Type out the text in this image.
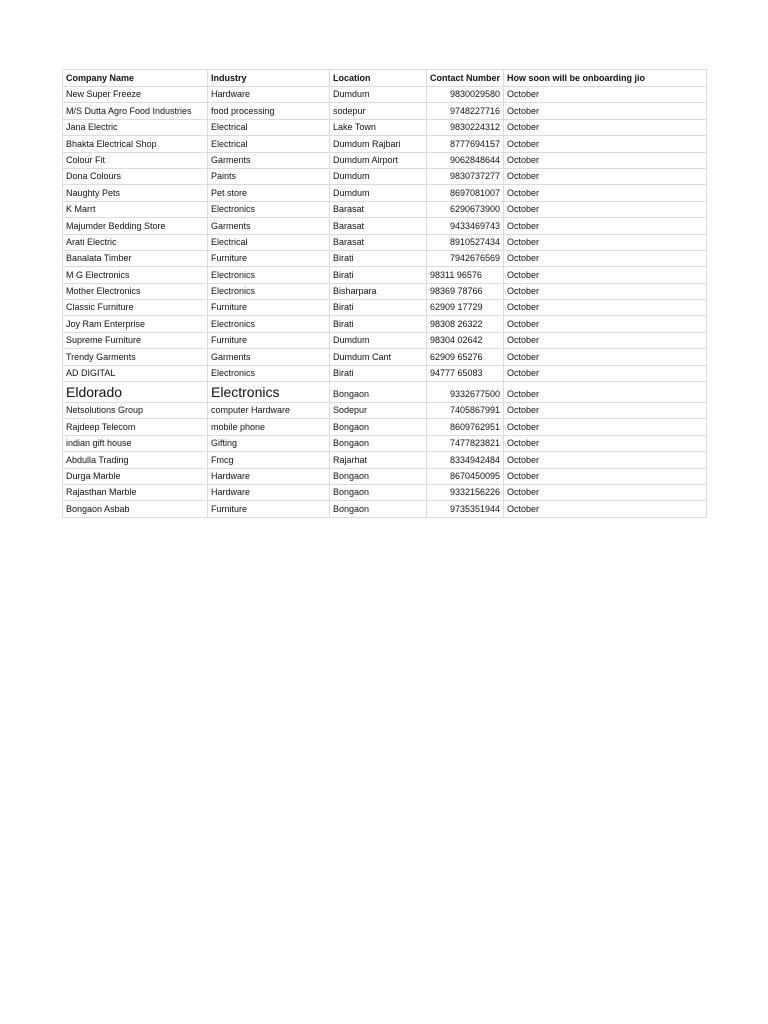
Company Name	Industry	Location	Contact Number	How soon will be onboarding jio
New Super Freeze	Hardware	Dumdum	9830029580	October
M/S Dutta Agro Food Industries	food processing	sodepur	9748227716	October
Jana Electric	Electrical	Lake Town	9830224312	October
Bhakta Electrical Shop	Electrical	Dumdum Rajbari	8777694157	October
Colour Fit	Garments	Dumdum Airport	9062848644	October
Dona Colours	Paints	Dumdum	9830737277	October
Naughty Pets	Pet store	Dumdum	8697081007	October
K Marrt	Electronics	Barasat	6290673900	October
Majumder Bedding Store	Garments	Barasat	9433469743	October
Arati Electric	Electrical	Barasat	8910527434	October
Banalata Timber	Furniture	Birati	7942676569	October
M G Electronics	Electronics	Birati	98311 96576	October
Mother Electronics	Electronics	Bisharpara	98369 78766	October
Classic Furniture	Furniture	Birati	62909 17729	October
Joy Ram Enterprise	Electronics	Birati	98308 26322	October
Supreme Furniture	Furniture	Dumdum	98304 02642	October
Trendy Garments	Garments	Dumdum Cant	62909 65276	October
AD DIGITAL	Electronics	Birati	94777 65083	October
Eldorado	Electronics	Bongaon	9332677500	October
Netsolutions Group	computer Hardware	Sodepur	7405867991	October
Rajdeep Telecom	mobile phone	Bongaon	8609762951	October
indian gift house	Gifting	Bongaon	7477823821	October
Abdulla Trading	Fmcg	Rajarhat	8334942484	October
Durga Marble	Hardware	Bongaon	8670450095	October
Rajasthan Marble	Hardware	Bongaon	9332156226	October
Bongaon Asbab	Furniture	Bongaon	9735351944	October
